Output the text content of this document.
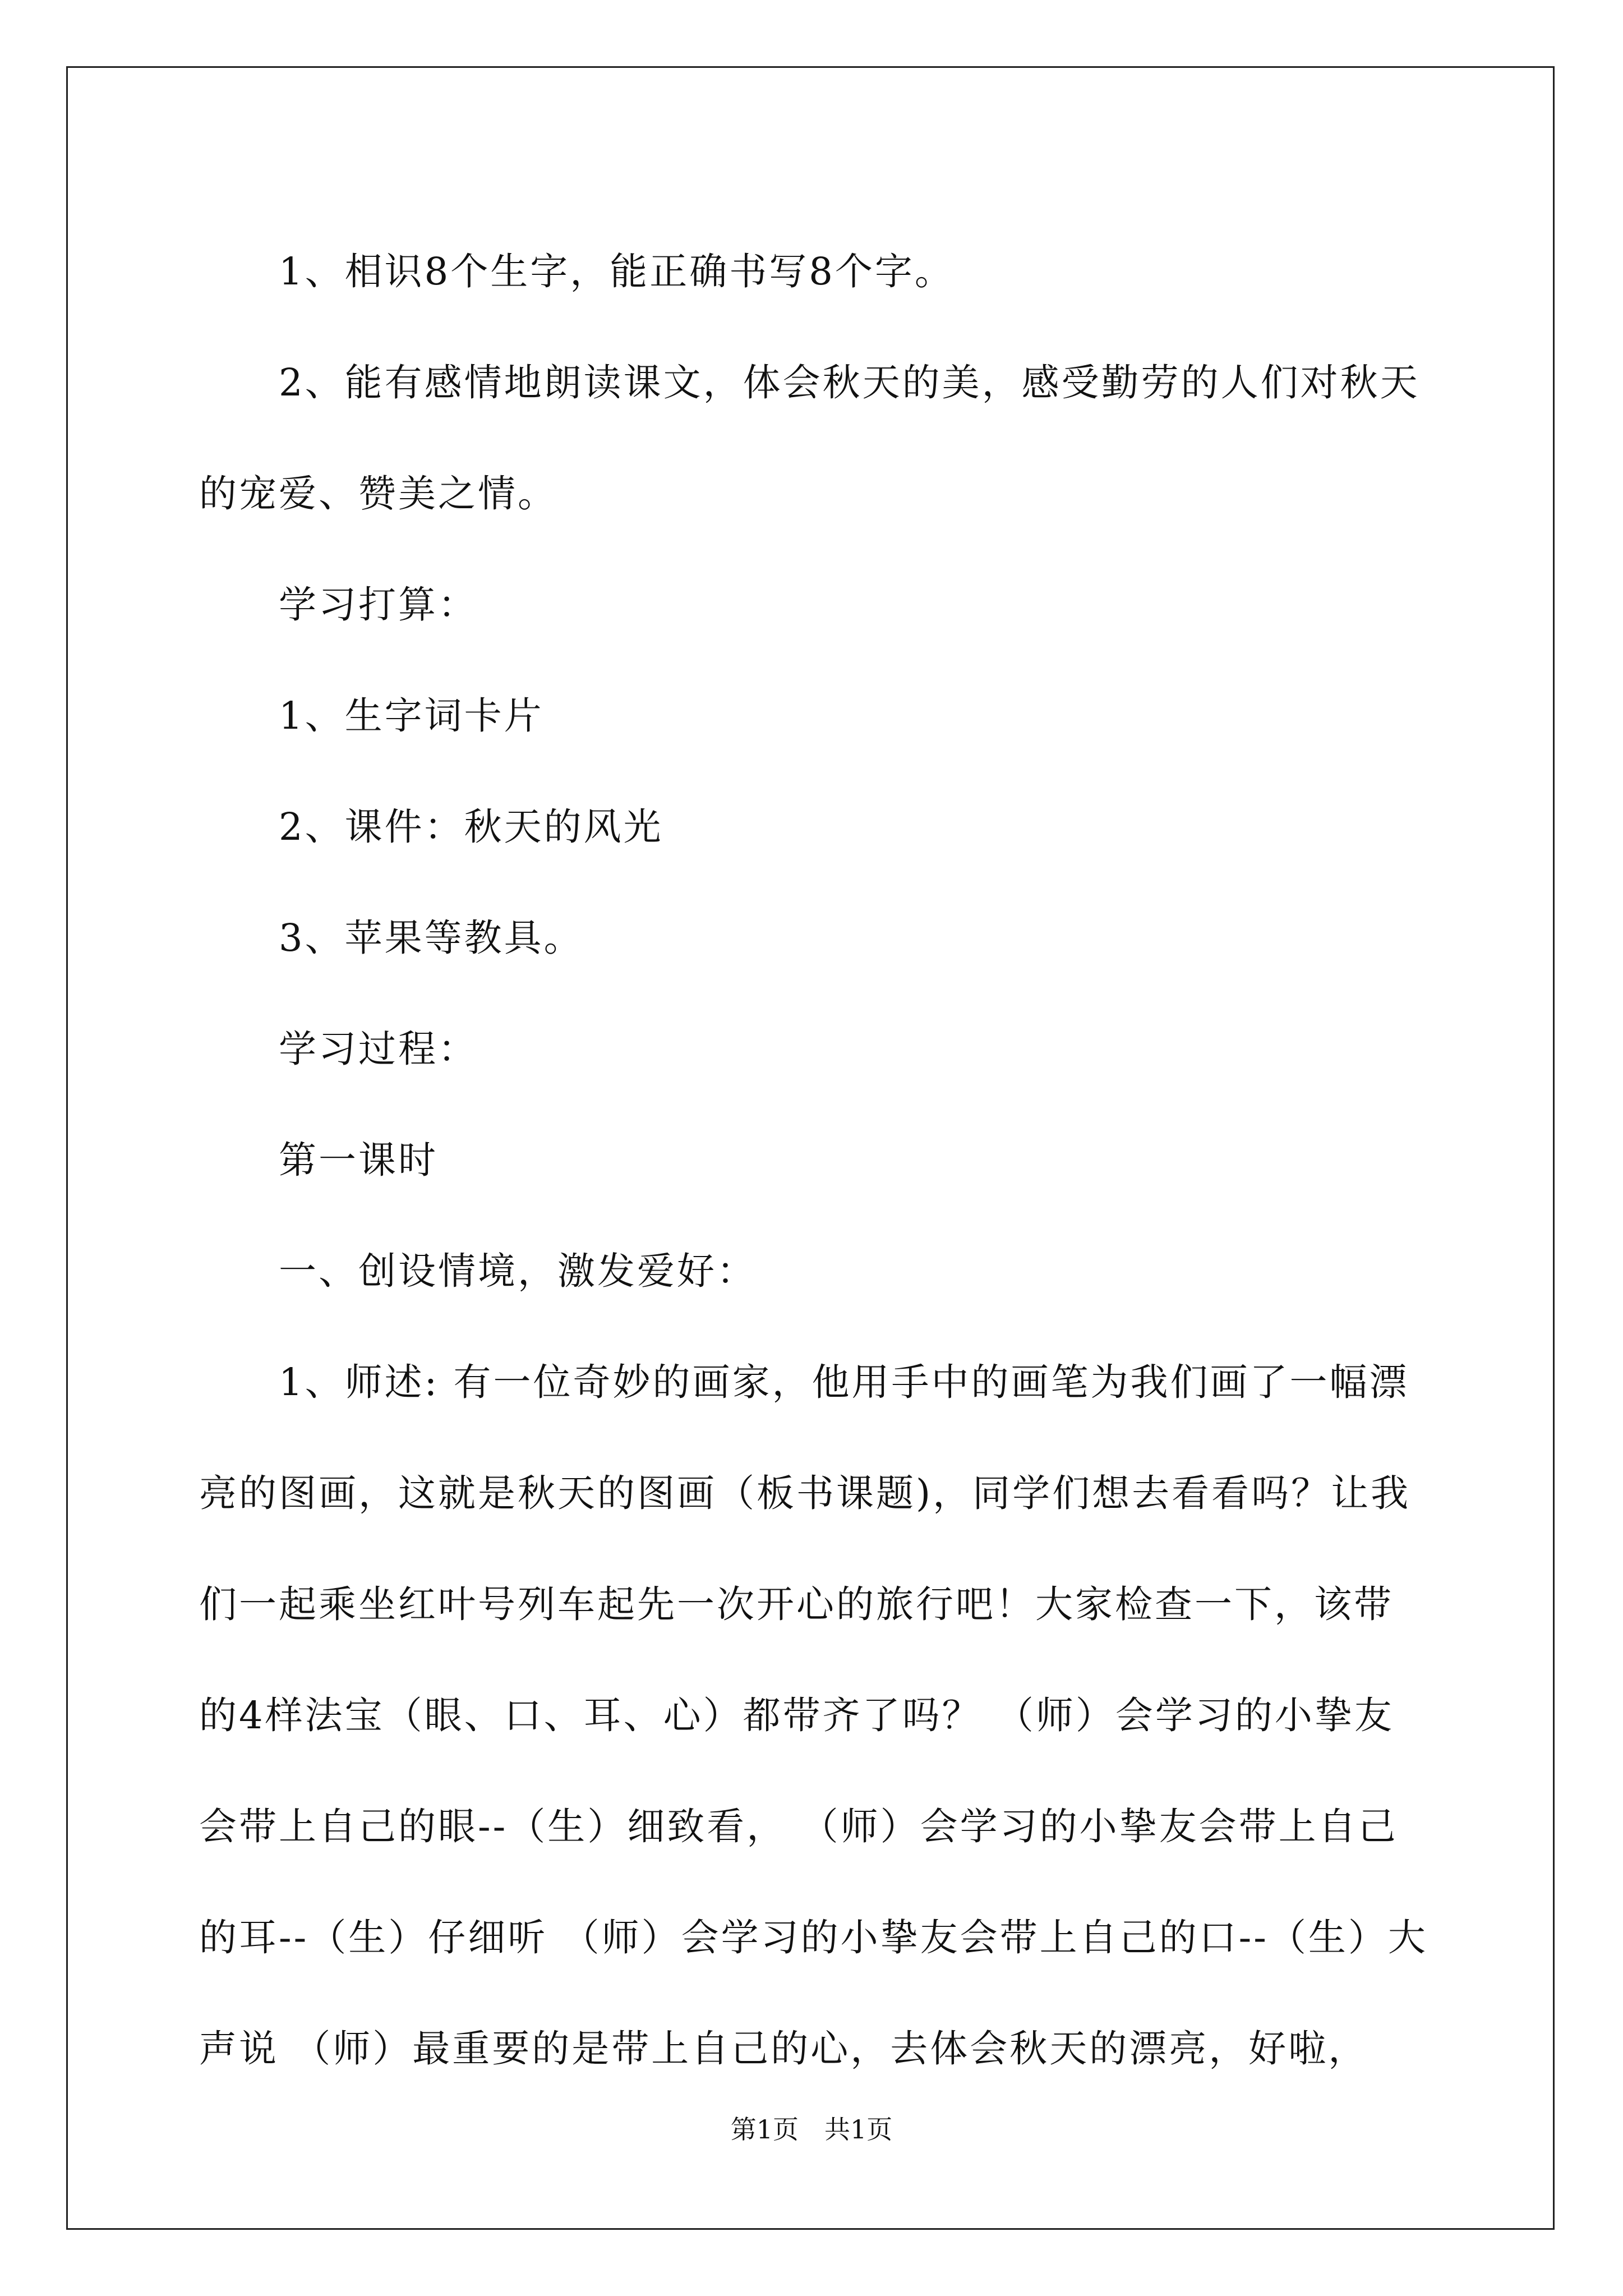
1、相识8个生字，能正确书写8个字。

2、能有感情地朗读课文，体会秋天的美，感受勤劳的人们对秋天的宠爱、赞美之情。

学习打算：

1、生字词卡片

2、课件：秋天的风光

3、苹果等教具。

学习过程：

第一课时

一、创设情境，激发爱好：

1、师述: 有一位奇妙的画家，他用手中的画笔为我们画了一幅漂亮的图画，这就是秋天的图画（板书课题)，同学们想去看看吗？让我们一起乘坐红叶号列车起先一次开心的旅行吧！大家检查一下，该带的4样法宝（眼、口、耳、心）都带齐了吗？ （师）会学习的小挚友会带上自己的眼--（生）细致看， （师）会学习的小挚友会带上自己的耳--（生）仔细听 （师）会学习的小挚友会带上自己的口--（生）大声说 （师）最重要的是带上自己的心，去体会秋天的漂亮，好啦，

第1页　共1页
